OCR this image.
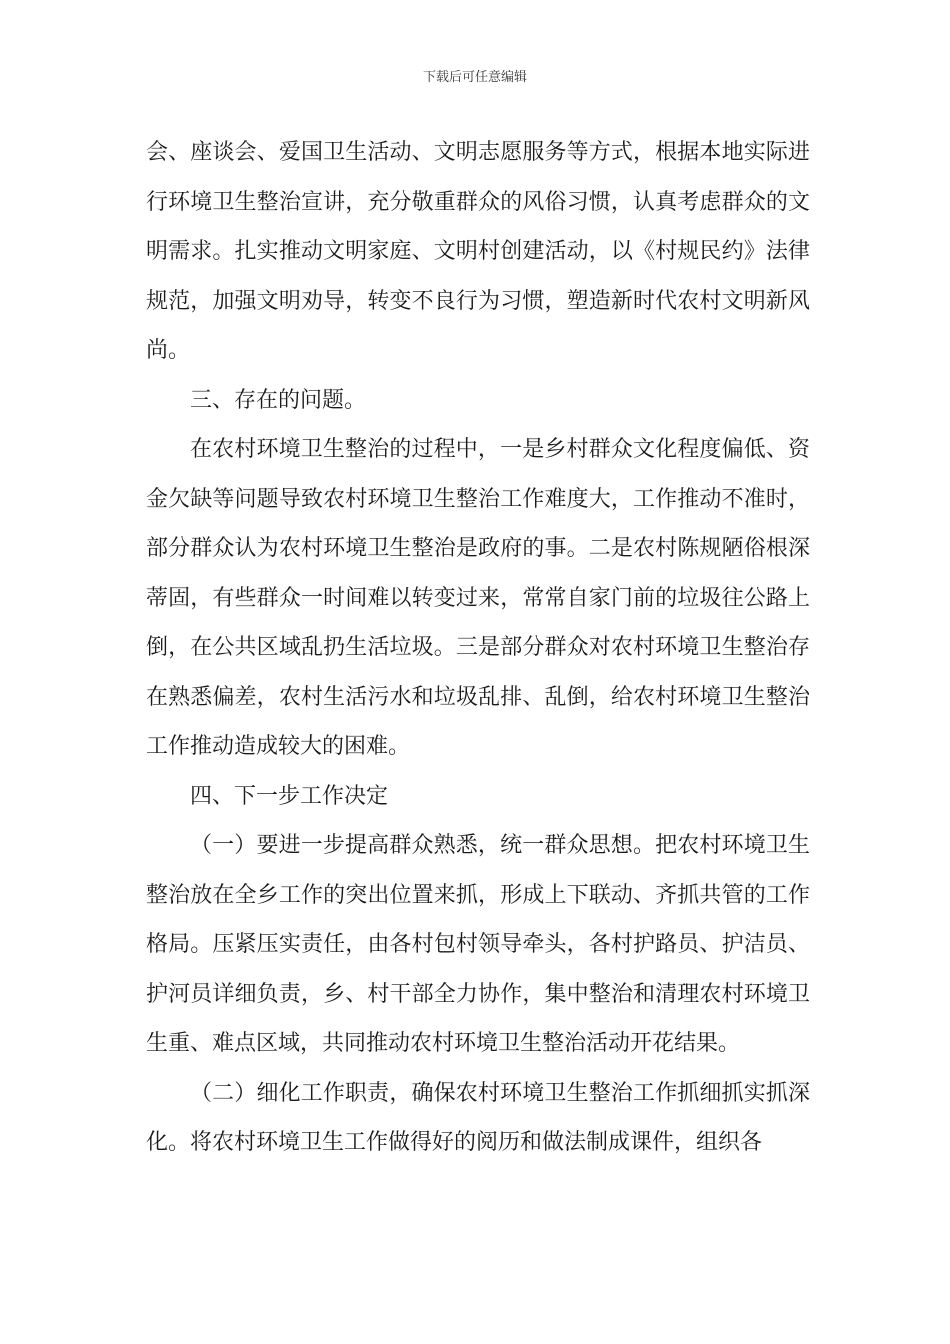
下载后可任意编辑

会、座谈会、爱国卫生活动、文明志愿服务等方式，根据本地实际进行环境卫生整治宣讲，充分敬重群众的风俗习惯，认真考虑群众的文明需求。扎实推动文明家庭、文明村创建活动，以《村规民约》法律规范，加强文明劝导，转变不良行为习惯，塑造新时代农村文明新风尚。

三、存在的问题。

在农村环境卫生整治的过程中，一是乡村群众文化程度偏低、资金欠缺等问题导致农村环境卫生整治工作难度大，工作推动不准时，部分群众认为农村环境卫生整治是政府的事。二是农村陈规陋俗根深蒂固，有些群众一时间难以转变过来，常常自家门前的垃圾往公路上倒，在公共区域乱扔生活垃圾。三是部分群众对农村环境卫生整治存在熟悉偏差，农村生活污水和垃圾乱排、乱倒，给农村环境卫生整治工作推动造成较大的困难。

四、下一步工作决定

（一）要进一步提高群众熟悉，统一群众思想。把农村环境卫生整治放在全乡工作的突出位置来抓，形成上下联动、齐抓共管的工作格局。压紧压实责任，由各村包村领导牵头，各村护路员、护洁员、护河员详细负责，乡、村干部全力协作，集中整治和清理农村环境卫生重、难点区域，共同推动农村环境卫生整治活动开花结果。

（二）细化工作职责，确保农村环境卫生整治工作抓细抓实抓深化。将农村环境卫生工作做得好的阅历和做法制成课件，组织各
